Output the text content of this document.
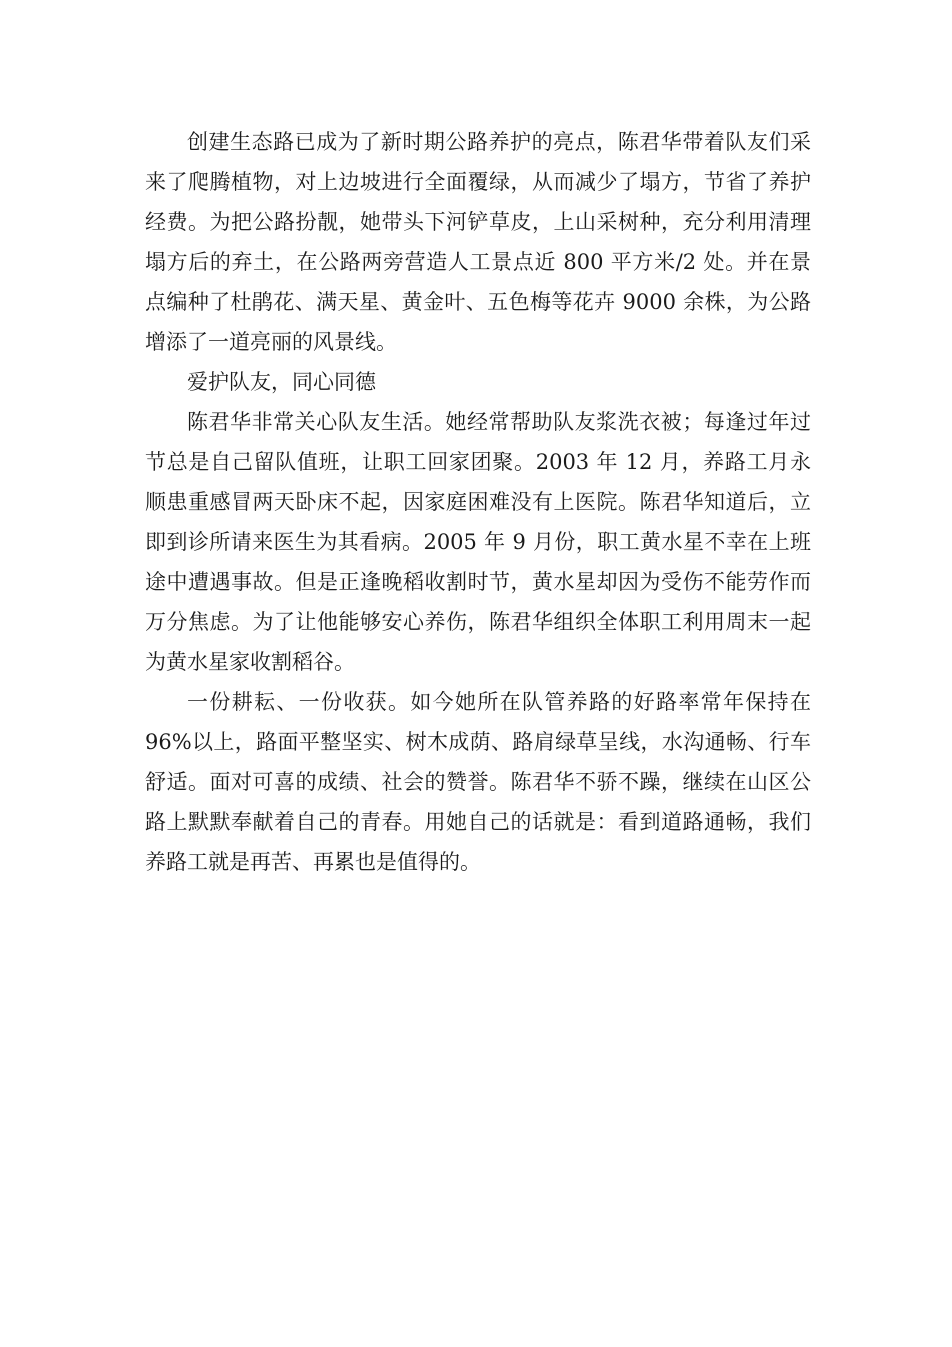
创建生态路已成为了新时期公路养护的亮点，陈君华带着队友们采来了爬腾植物，对上边坡进行全面覆绿，从而减少了塌方，节省了养护经费。为把公路扮靓，她带头下河铲草皮，上山采树种，充分利用清理塌方后的弃土，在公路两旁营造人工景点近 800 平方米/2 处。并在景点编种了杜鹃花、满天星、黄金叶、五色梅等花卉 9000 余株，为公路增添了一道亮丽的风景线。

爱护队友，同心同德

陈君华非常关心队友生活。她经常帮助队友浆洗衣被；每逢过年过节总是自己留队值班，让职工回家团聚。2003 年 12 月，养路工月永顺患重感冒两天卧床不起，因家庭困难没有上医院。陈君华知道后，立即到诊所请来医生为其看病。2005 年 9 月份，职工黄水星不幸在上班途中遭遇事故。但是正逢晚稻收割时节，黄水星却因为受伤不能劳作而万分焦虑。为了让他能够安心养伤，陈君华组织全体职工利用周末一起为黄水星家收割稻谷。

一份耕耘、一份收获。如今她所在队管养路的好路率常年保持在 96%以上，路面平整坚实、树木成荫、路肩绿草呈线，水沟通畅、行车舒适。面对可喜的成绩、社会的赞誉。陈君华不骄不躁，继续在山区公路上默默奉献着自己的青春。用她自己的话就是：看到道路通畅，我们养路工就是再苦、再累也是值得的。
